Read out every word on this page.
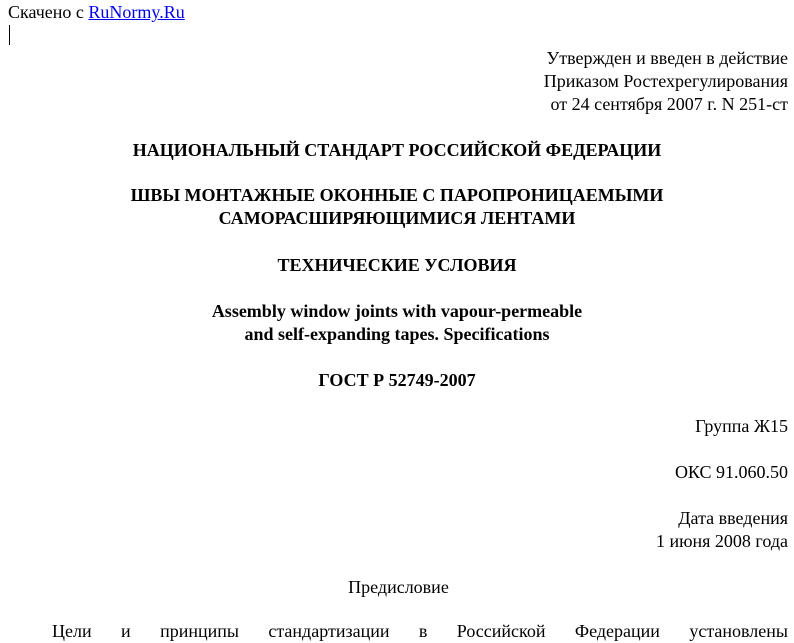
Скачено с RuNormy.Ru
Утвержден и введен в действие
Приказом Ростехрегулирования
от 24 сентября 2007 г. N 251-ст
НАЦИОНАЛЬНЫЙ СТАНДАРТ РОССИЙСКОЙ ФЕДЕРАЦИИ
ШВЫ МОНТАЖНЫЕ ОКОННЫЕ С ПАРОПРОНИЦАЕМЫМИ
САМОРАСШИРЯЮЩИМИСЯ ЛЕНТАМИ
ТЕХНИЧЕСКИЕ УСЛОВИЯ
Assembly window joints with vapour-permeable
and self-expanding tapes. Specifications
ГОСТ Р 52749-2007
Группа Ж15
ОКС 91.060.50
Дата введения
1 июня 2008 года
Предисловие
Цели и принципы стандартизации в Российской Федерации установлены
